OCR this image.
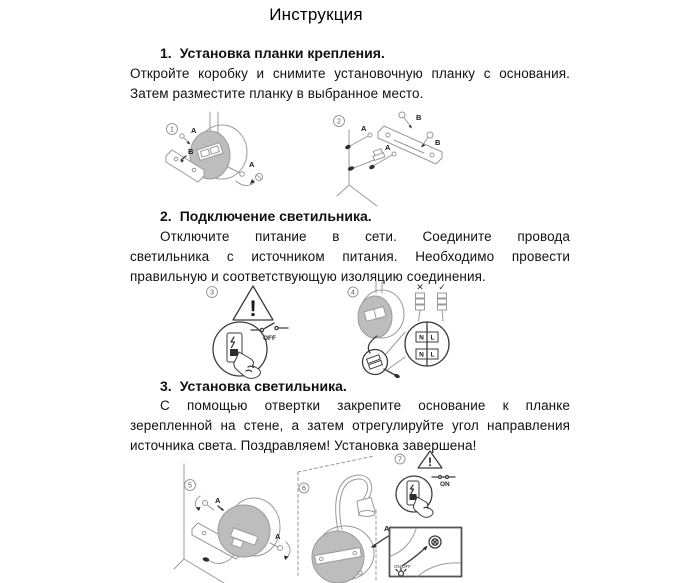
Инструкция
1. Установка планки крепления.
Откройте коробку и снимите установочную планку с основания.
Затем разместите планку в выбранное место.
1
B
A
A
2	B
B
A
A
2. Подключение светильника.
Отключите питание в сети. Соедините провода
светильника с источником питания. Необходимо провести
правильную и соответствующую изоляцию соединения.
3
!
OFF
4
N L
N L
✕ ✓
3. Установка светильника.
С помощью отвертки закрепите основание к планке
зерепленной на стене, а затем отрегулируйте угол направления
источника света. Поздравляем! Установка завершена!
5
A
A
6
A
7 !
ON
ON OFF
